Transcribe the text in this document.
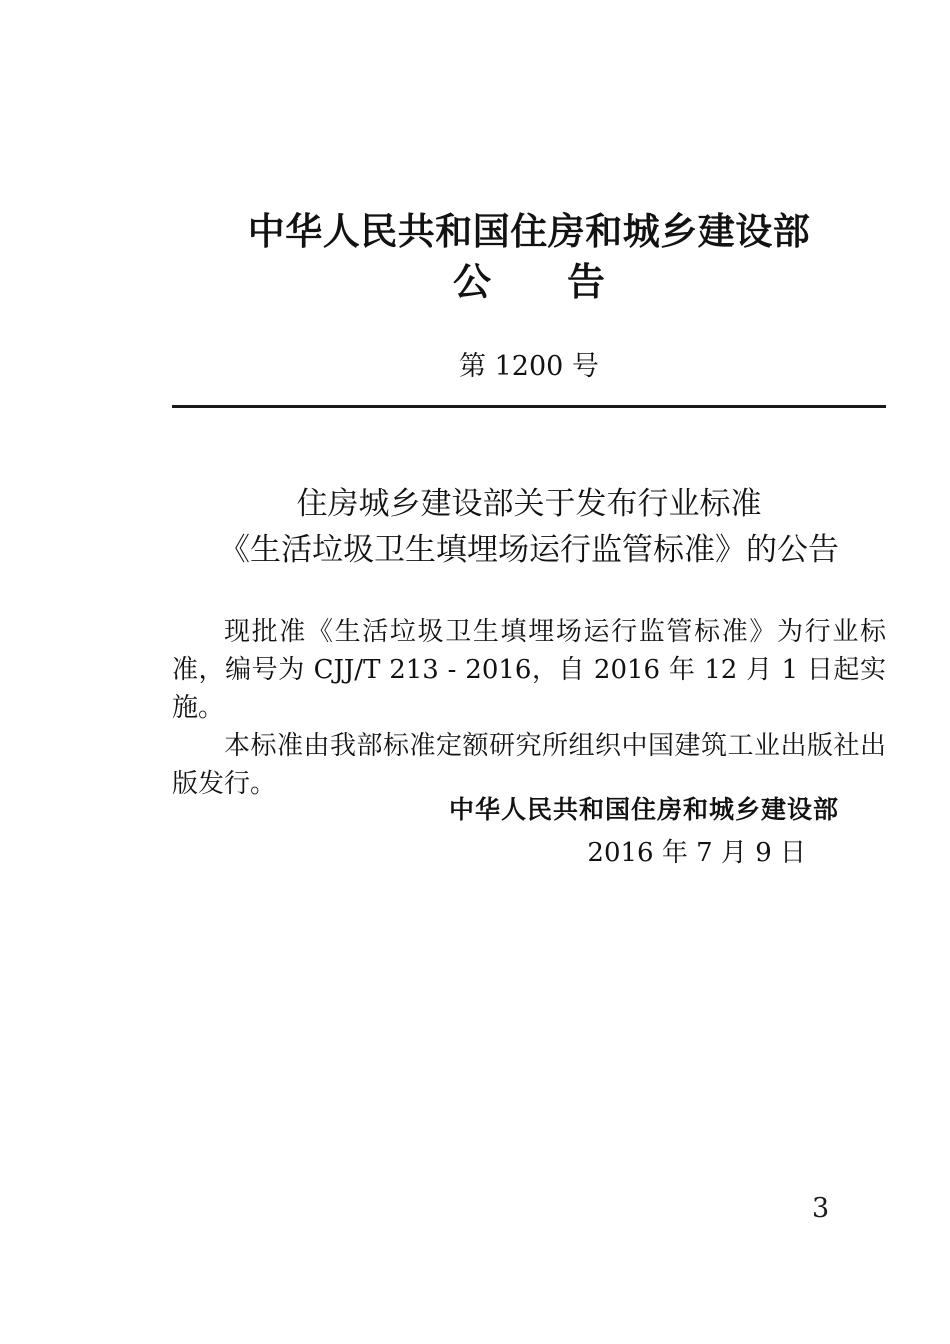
中华人民共和国住房和城乡建设部
公　　告
第 1200 号
住房城乡建设部关于发布行业标准
《生活垃圾卫生填埋场运行监管标准》的公告

现批准《生活垃圾卫生填埋场运行监管标准》为行业标准，编号为 CJJ/T 213 - 2016，自 2016 年 12 月 1 日起实施。

本标准由我部标准定额研究所组织中国建筑工业出版社出版发行。

中华人民共和国住房和城乡建设部
2016 年 7 月 9 日
3
